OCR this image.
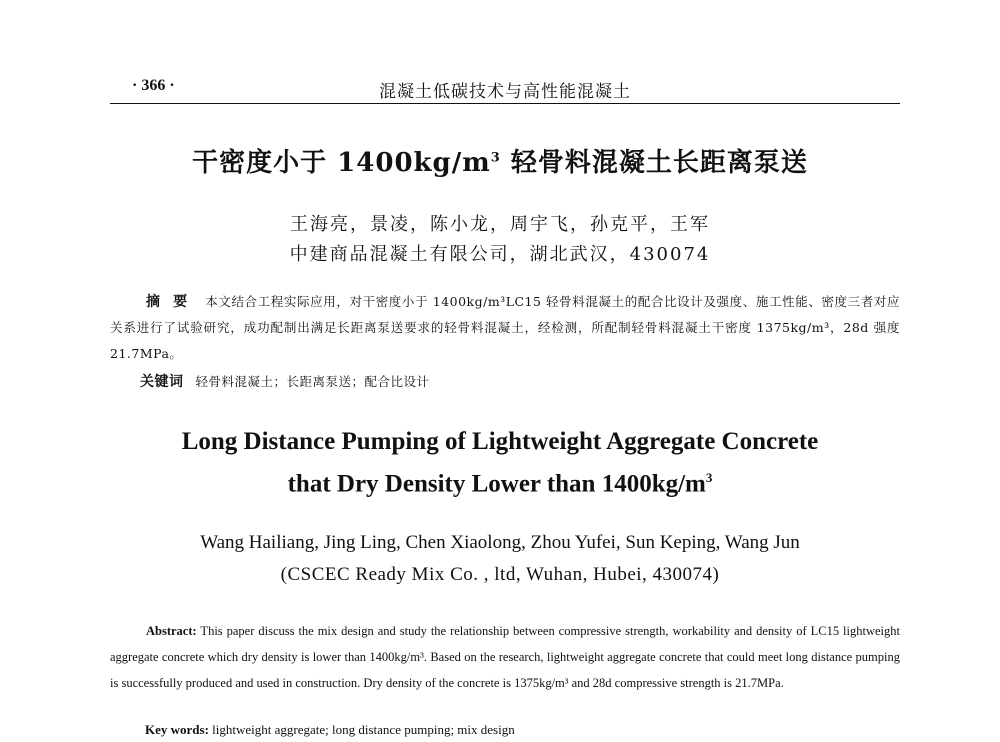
· 366 ·	混凝土低碳技术与高性能混凝土
干密度小于 $1400kg/m^3$ 轻骨料混凝土长距离泵送
王海亮，景凌，陈小龙，周宇飞，孙克平，王军
中建商品混凝土有限公司，湖北武汉，430074
摘 要 本文结合工程实际应用，对干密度小于 1400kg/m³LC15 轻骨料混凝土的配合比设计及强度、施工性能、密度三者对应关系进行了试验研究，成功配制出满足长距离泵送要求的轻骨料混凝土，经检测，所配制轻骨料混凝土干密度 1375kg/m³，28d 强度 21.7MPa。
关键词 轻骨料混凝土；长距离泵送；配合比设计
Long Distance Pumping of Lightweight Aggregate Concrete
that Dry Density Lower than $1400kg/m^3$
Wang Hailiang, Jing Ling, Chen Xiaolong, Zhou Yufei, Sun Keping, Wang Jun
(CSCEC Ready Mix Co. , ltd, Wuhan, Hubei, 430074)
Abstract: This paper discuss the mix design and study the relationship between compressive strength, workability and density of LC15 lightweight aggregate concrete which dry density is lower than 1400kg/m³. Based on the research, lightweight aggregate concrete that could meet long distance pumping is successfully produced and used in construction. Dry density of the concrete is 1375kg/m³ and 28d compressive strength is 21.7MPa.
Key words: lightweight aggregate; long distance pumping; mix design
